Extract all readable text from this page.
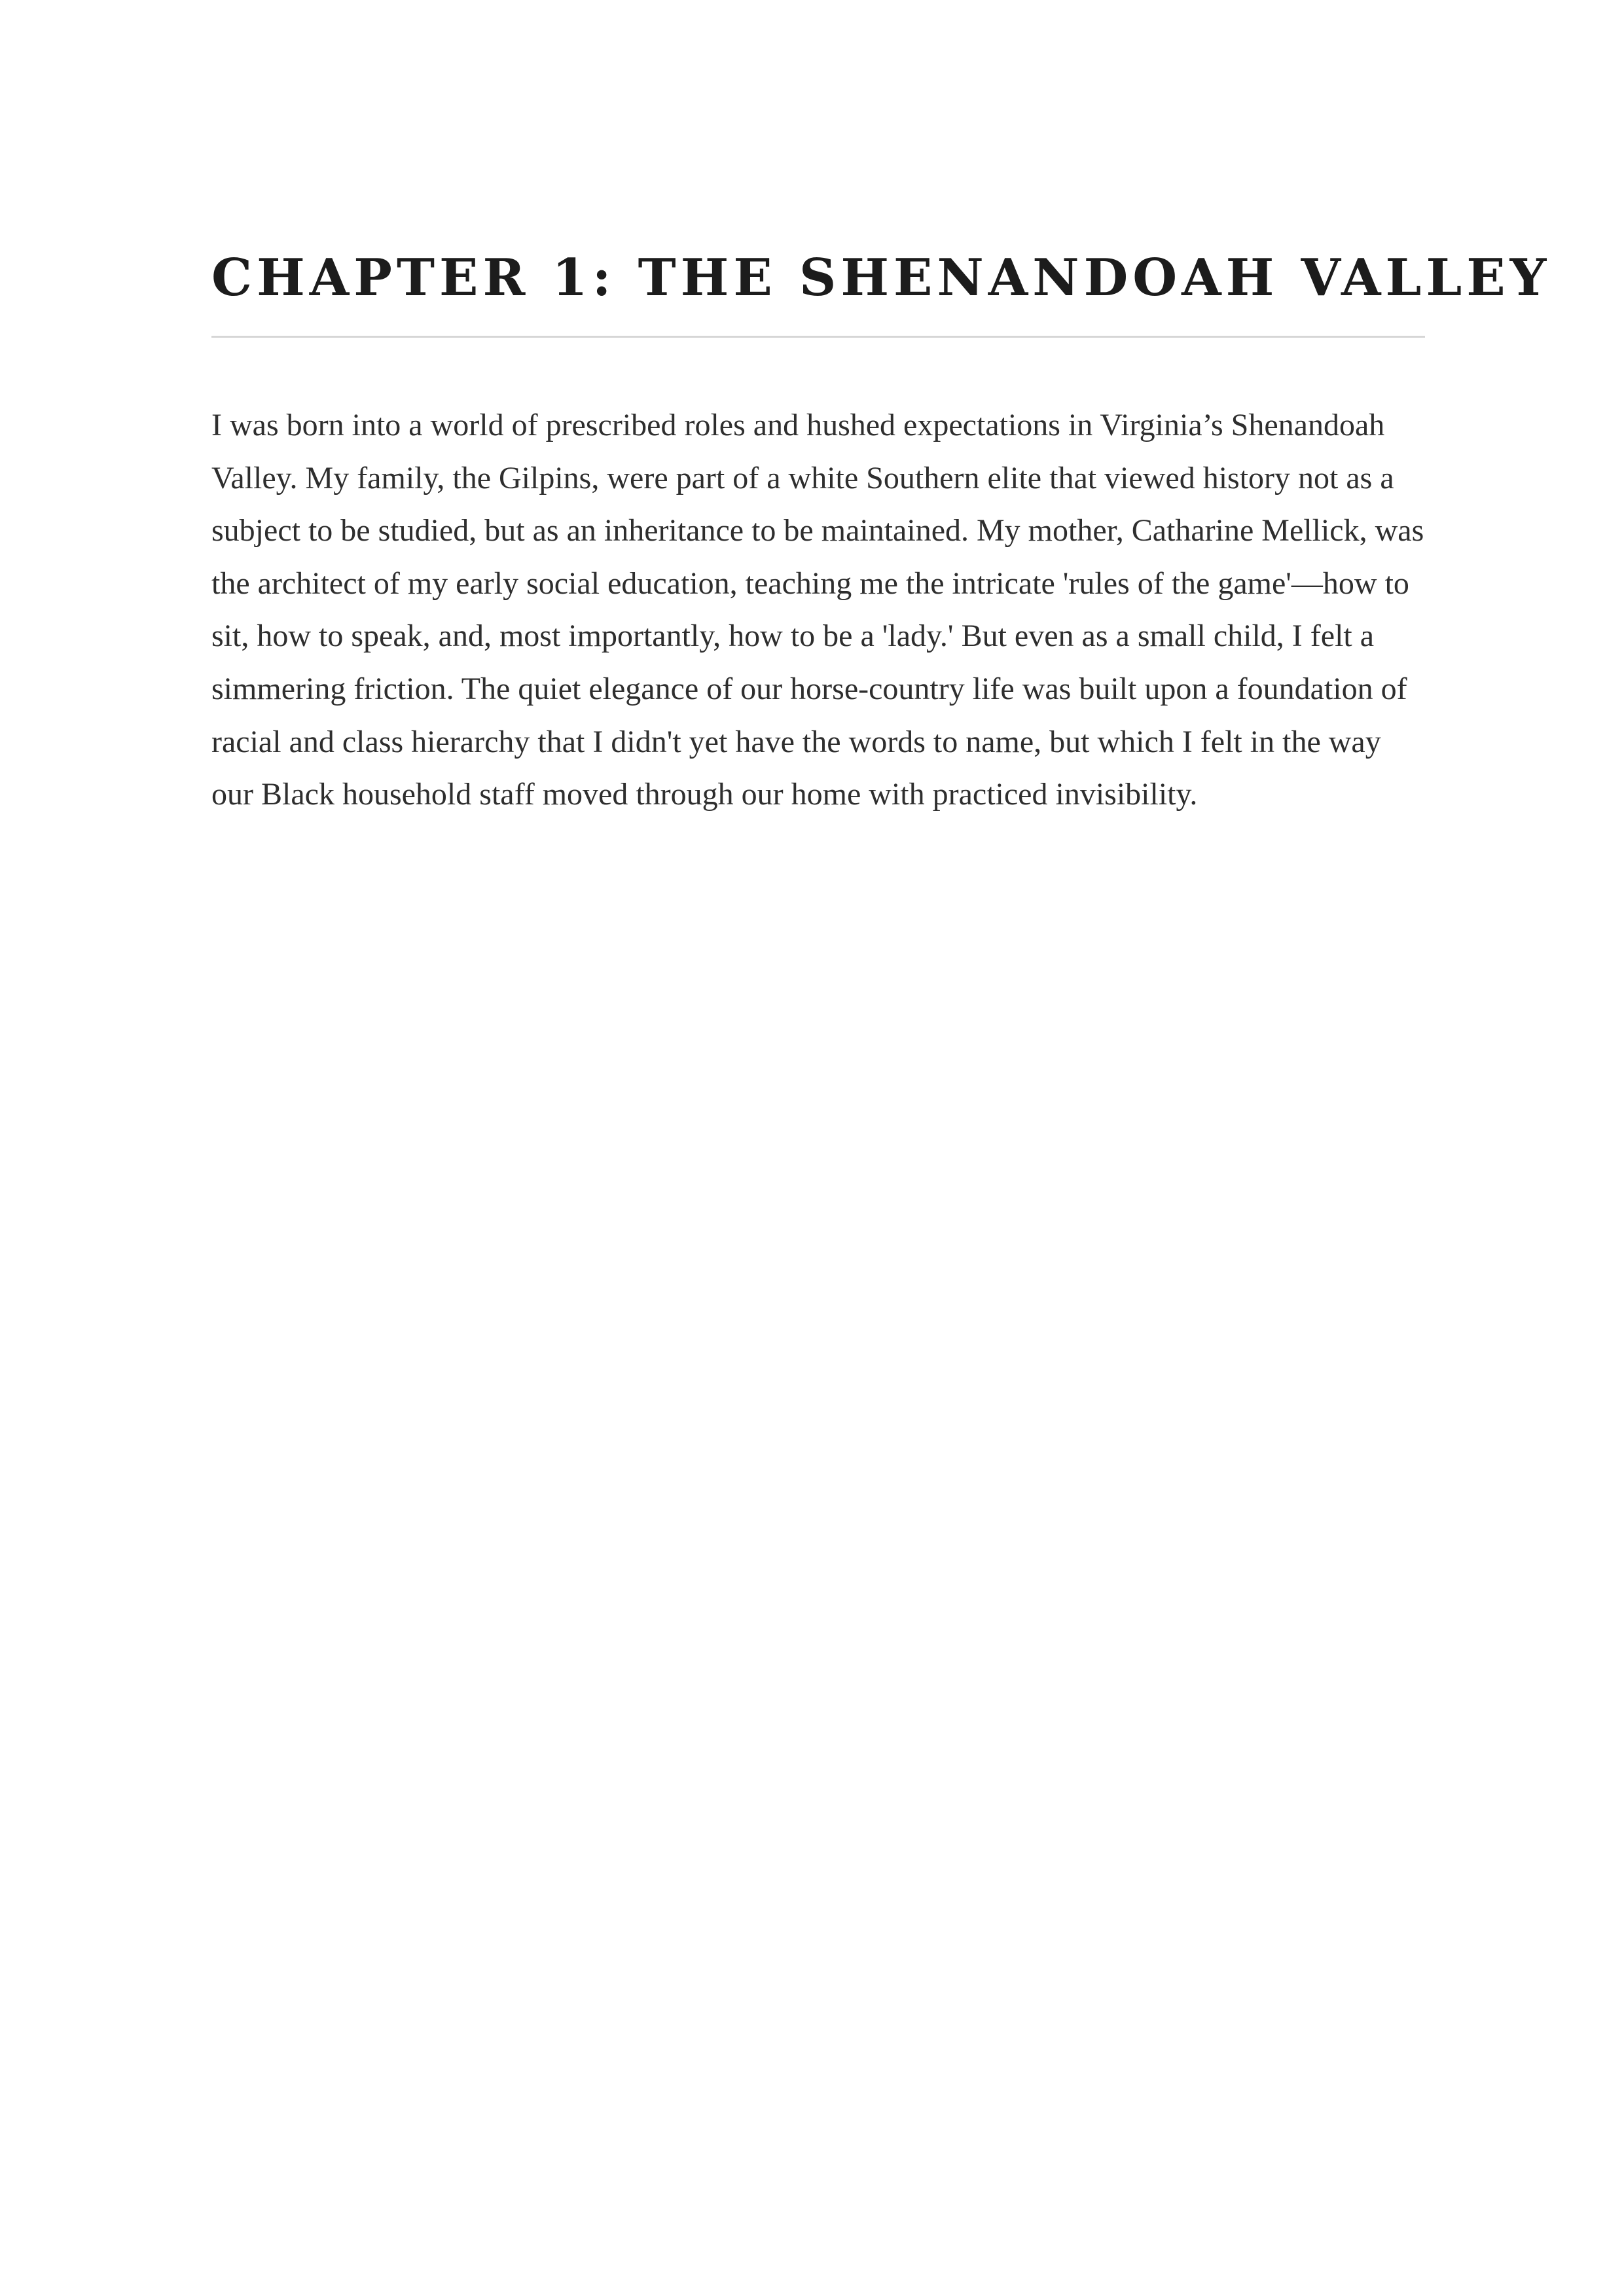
CHAPTER 1: THE SHENANDOAH VALLEY

I was born into a world of prescribed roles and hushed expectations in Virginia’s Shenandoah Valley. My family, the Gilpins, were part of a white Southern elite that viewed history not as a subject to be studied, but as an inheritance to be maintained. My mother, Catharine Mellick, was the architect of my early social education, teaching me the intricate 'rules of the game'—how to sit, how to speak, and, most importantly, how to be a 'lady.' But even as a small child, I felt a simmering friction. The quiet elegance of our horse-country life was built upon a foundation of racial and class hierarchy that I didn't yet have the words to name, but which I felt in the way our Black household staff moved through our home with practiced invisibility.
